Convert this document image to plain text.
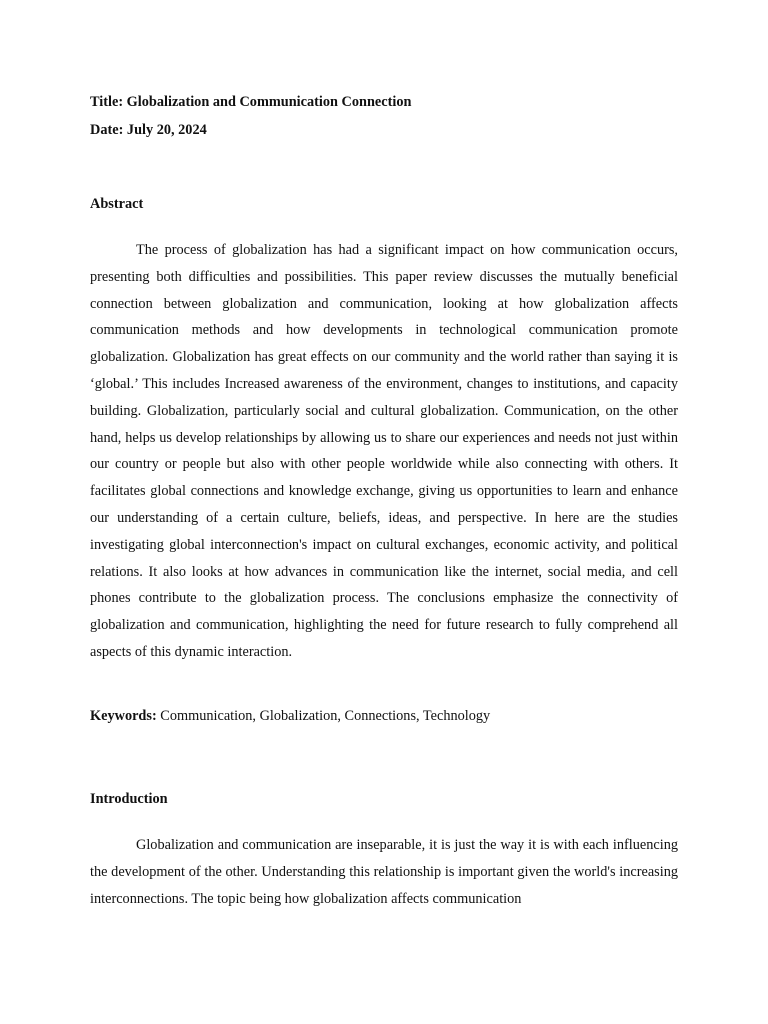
Title: Globalization and Communication Connection

Date: July 20, 2024

Abstract

The process of globalization has had a significant impact on how communication occurs, presenting both difficulties and possibilities. This paper review discusses the mutually beneficial connection between globalization and communication, looking at how globalization affects communication methods and how developments in technological communication promote globalization. Globalization has great effects on our community and the world rather than saying it is ‘global.’ This includes Increased awareness of the environment, changes to institutions, and capacity building. Globalization, particularly social and cultural globalization. Communication, on the other hand, helps us develop relationships by allowing us to share our experiences and needs not just within our country or people but also with other people worldwide while also connecting with others. It facilitates global connections and knowledge exchange, giving us opportunities to learn and enhance our understanding of a certain culture, beliefs, ideas, and perspective. In here are the studies investigating global interconnection's impact on cultural exchanges, economic activity, and political relations. It also looks at how advances in communication like the internet, social media, and cell phones contribute to the globalization process. The conclusions emphasize the connectivity of globalization and communication, highlighting the need for future research to fully comprehend all aspects of this dynamic interaction.

Keywords: Communication, Globalization, Connections, Technology

Introduction

Globalization and communication are inseparable, it is just the way it is with each influencing the development of the other. Understanding this relationship is important given the world's increasing interconnections. The topic being how globalization affects communication
